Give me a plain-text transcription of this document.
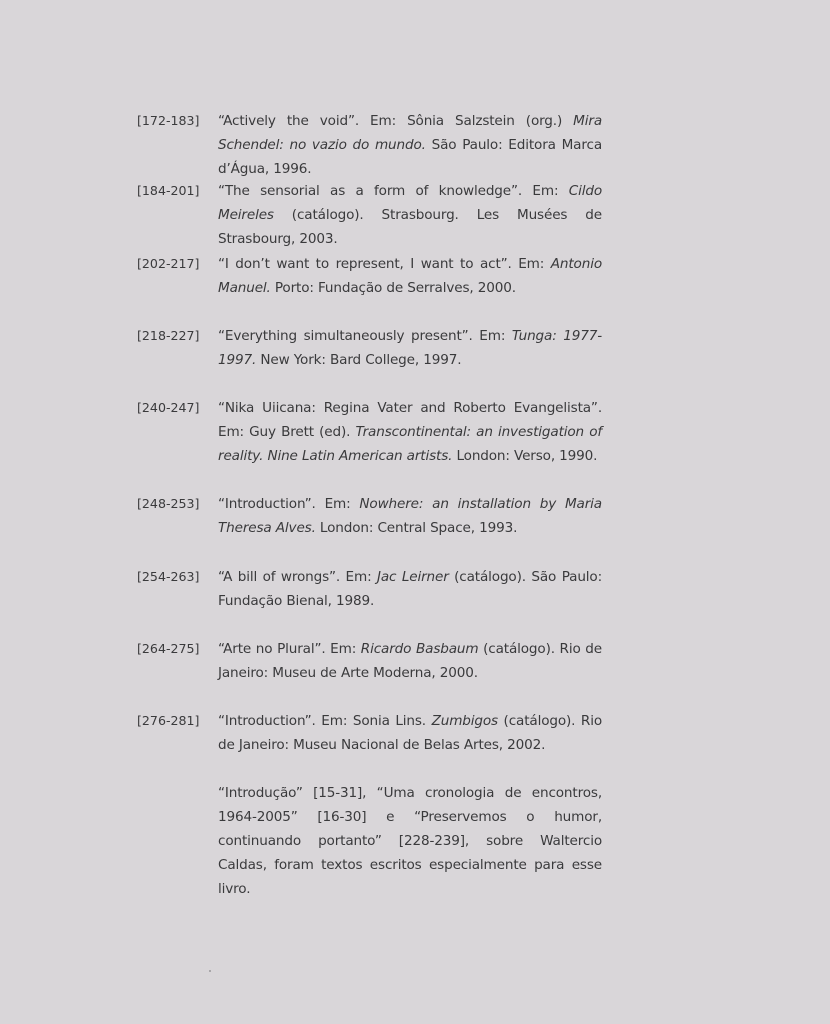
[172-183] “Actively the void”. Em: Sônia Salzstein (org.) Mira Schendel: no vazio do mundo. São Paulo: Editora Marca d’Água, 1996.
[184-201] “The sensorial as a form of knowledge”. Em: Cildo Meireles (catálogo). Strasbourg. Les Musées de Strasbourg, 2003.
[202-217] “I don’t want to represent, I want to act”. Em: Antonio Manuel. Porto: Fundação de Serralves, 2000.
[218-227] “Everything simultaneously present”. Em: Tunga: 1977-1997. New York: Bard College, 1997.
[240-247] “Nika Uiicana: Regina Vater and Roberto Evangelista”. Em: Guy Brett (ed). Transcontinental: an investigation of reality. Nine Latin American artists. London: Verso, 1990.
[248-253] “Introduction”. Em: Nowhere: an installation by Maria Theresa Alves. London: Central Space, 1993.
[254-263] “A bill of wrongs”. Em: Jac Leirner (catálogo). São Paulo: Fundação Bienal, 1989.
[264-275] “Arte no Plural”. Em: Ricardo Basbaum (catálogo). Rio de Janeiro: Museu de Arte Moderna, 2000.
[276-281] “Introduction”. Em: Sonia Lins. Zumbigos (catálogo). Rio de Janeiro: Museu Nacional de Belas Artes, 2002.
“Introdução” [15-31], “Uma cronologia de encontros, 1964-2005” [16-30] e “Preservemos o humor, continuando portanto” [228-239], sobre Waltercio Caldas, foram textos escritos especialmente para esse livro.
